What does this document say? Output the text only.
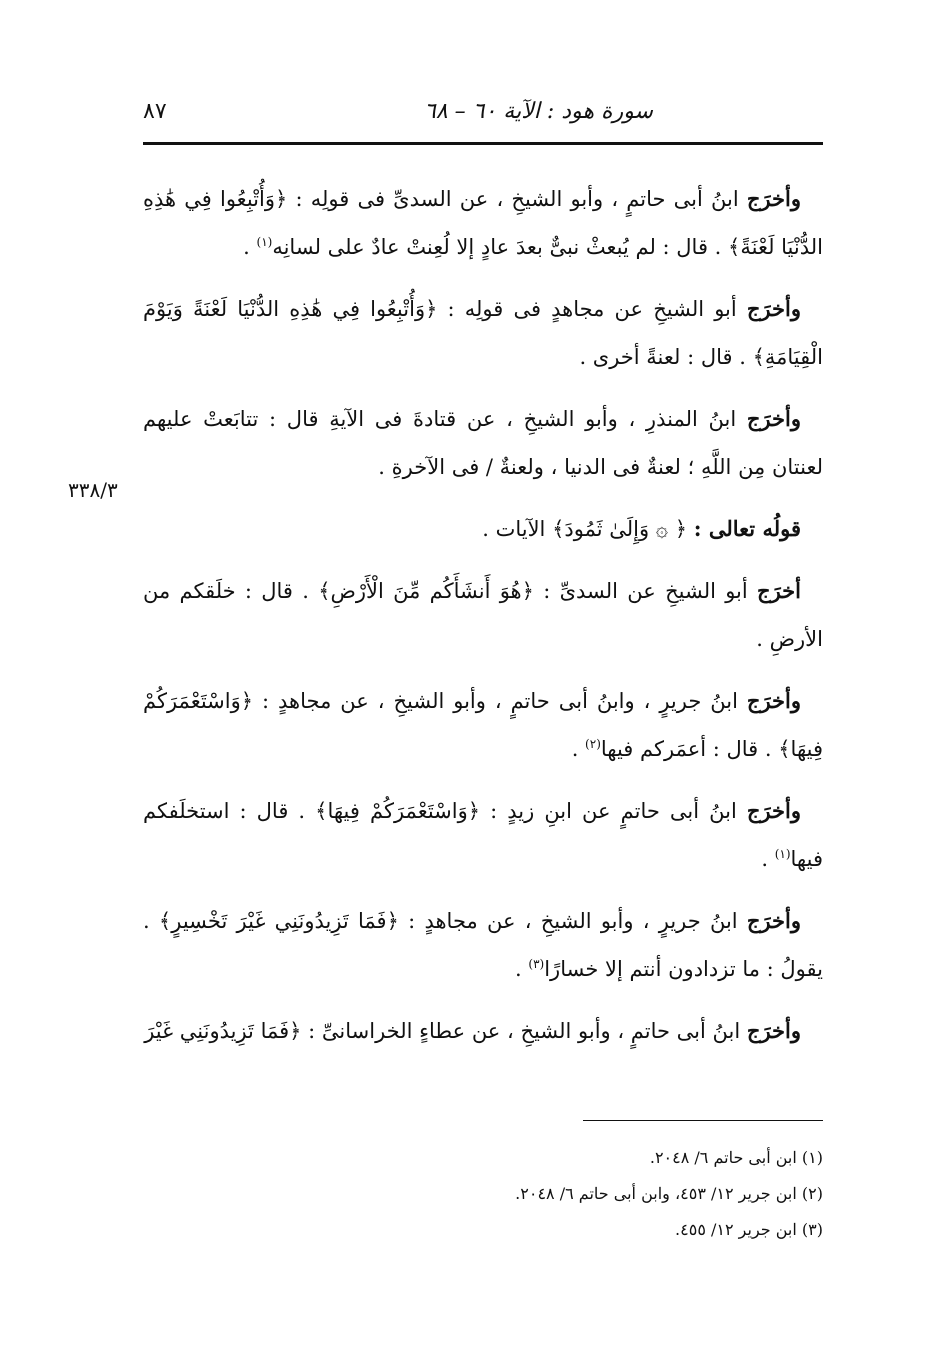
٨٧	سورة هود : الآية ٦٠ – ٦٨
٣٣٨/٣

وأخرَج ابنُ أبى حاتمٍ ، وأبو الشيخِ ، عن السدىِّ فى قولِه : ﴿وَأُتْبِعُوا فِي هَٰذِهِ الدُّنْيَا لَعْنَةً﴾ . قال : لم يُبعثْ نبىٌّ بعدَ عادٍ إلا لُعِنتْ عادٌ على لسانِه$^{(١)}$ .

وأخرَج أبو الشيخِ عن مجاهدٍ فى قولِه : ﴿وَأُتْبِعُوا فِي هَٰذِهِ الدُّنْيَا لَعْنَةً وَيَوْمَ الْقِيَامَةِ﴾ . قال : لعنةً أخرى .

وأخرَج ابنُ المنذرِ ، وأبو الشيخِ ، عن قتادةَ فى الآيةِ قال : تتابَعتْ عليهم لعنتان مِن اللَّهِ ؛ لعنةٌ فى الدنيا ، ولعنةٌ / فى الآخرةِ .

قولُه تعالى : ﴿ ۞ وَإِلَىٰ ثَمُودَ﴾ الآيات .

أخرَج أبو الشيخِ عن السدىِّ : ﴿هُوَ أَنشَأَكُم مِّنَ الْأَرْضِ﴾ . قال : خلَقكم من الأرضِ .

وأخرَج ابنُ جريرٍ ، وابنُ أبى حاتمٍ ، وأبو الشيخِ ، عن مجاهدٍ : ﴿وَاسْتَعْمَرَكُمْ فِيهَا﴾ . قال : أعمَركم فيها$^{(٢)}$ .

وأخرَج ابنُ أبى حاتمٍ عن ابنِ زيدٍ : ﴿وَاسْتَعْمَرَكُمْ فِيهَا﴾ . قال : استخلَفكم فيها$^{(١)}$ .

وأخرَج ابنُ جريرٍ ، وأبو الشيخِ ، عن مجاهدٍ : ﴿فَمَا تَزِيدُونَنِي غَيْرَ تَخْسِيرٍ﴾ . يقولُ : ما تزدادون أنتم إلا خسارًا$^{(٣)}$ .

وأخرَج ابنُ أبى حاتمٍ ، وأبو الشيخِ ، عن عطاءٍ الخراسانىِّ : ﴿فَمَا تَزِيدُونَنِي غَيْرَ

(١) ابن أبى حاتم ٦/ ٢٠٤٨.
(٢) ابن جرير ١٢/ ٤٥٣، وابن أبى حاتم ٦/ ٢٠٤٨.
(٣) ابن جرير ١٢/ ٤٥٥.
